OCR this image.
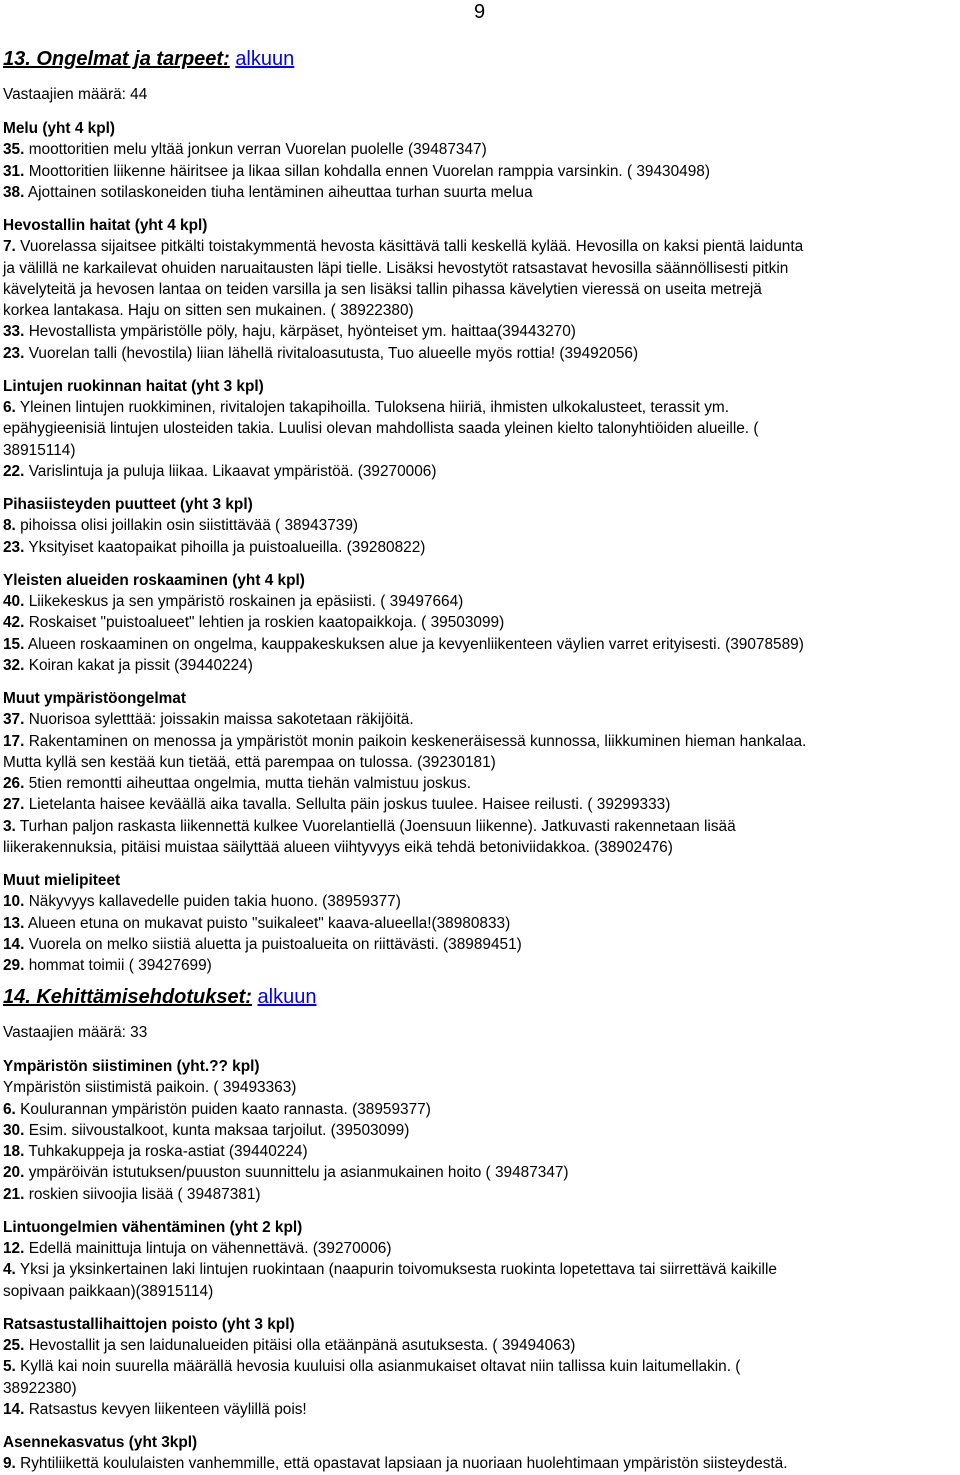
9
13. Ongelmat ja tarpeet: alkuun
Vastaajien määrä: 44
Melu (yht 4 kpl)
35. moottoritien melu yltää jonkun verran Vuorelan puolelle (39487347)
31. Moottoritien liikenne häiritsee ja likaa sillan kohdalla ennen Vuorelan ramppia varsinkin. ( 39430498)
38. Ajottainen sotilaskoneiden tiuha lentäminen aiheuttaa turhan suurta melua
Hevostallin haitat (yht 4 kpl)
7. Vuorelassa sijaitsee pitkälti toistakymmentä hevosta käsittävä talli keskellä kylää. Hevosilla on kaksi pientä laidunta
ja välillä ne karkailevat ohuiden naruaitausten läpi tielle. Lisäksi hevostytöt ratsastavat hevosilla säännöllisesti pitkin
kävelyteitä ja hevosen lantaa on teiden varsilla ja sen lisäksi tallin pihassa kävelytien vieressä on useita metrejä
korkea lantakasa. Haju on sitten sen mukainen. ( 38922380)
33. Hevostallista ympäristölle pöly, haju, kärpäset, hyönteiset ym. haittaa(39443270)
23. Vuorelan talli (hevostila) liian lähellä rivitaloasutusta, Tuo alueelle myös rottia! (39492056)
Lintujen ruokinnan haitat (yht 3 kpl)
6. Yleinen lintujen ruokkiminen, rivitalojen takapihoilla. Tuloksena hiiriä, ihmisten ulkokalusteet, terassit ym.
epähygieenisiä lintujen ulosteiden takia. Luulisi olevan mahdollista saada yleinen kielto talonyhtiöiden alueille. (
38915114)
22. Varislintuja ja puluja liikaa. Likaavat ympäristöä. (39270006)
Pihasiisteyden puutteet (yht 3 kpl)
8. pihoissa olisi joillakin osin siistittävää ( 38943739)
23. Yksityiset kaatopaikat pihoilla ja puistoalueilla. (39280822)
Yleisten alueiden roskaaminen (yht 4 kpl)
40. Liikekeskus ja sen ympäristö roskainen ja epäsiisti. ( 39497664)
42. Roskaiset "puistoalueet" lehtien ja roskien kaatopaikkoja. ( 39503099)
15. Alueen roskaaminen on ongelma, kauppakeskuksen alue ja kevyenliikenteen väylien varret erityisesti. (39078589)
32. Koiran kakat ja pissit (39440224)
Muut ympäristöongelmat
37. Nuorisoa syletttää: joissakin maissa sakotetaan räkijöitä.
17. Rakentaminen on menossa ja ympäristöt monin paikoin keskeneräisessä kunnossa, liikkuminen hieman hankalaa.
Mutta kyllä sen kestää kun tietää, että parempaa on tulossa. (39230181)
26. 5tien remontti aiheuttaa ongelmia, mutta tiehän valmistuu joskus.
27. Lietelanta haisee keväällä aika tavalla. Sellulta päin joskus tuulee. Haisee reilusti. ( 39299333)
3. Turhan paljon raskasta liikennettä kulkee Vuorelantiellä (Joensuun liikenne). Jatkuvasti rakennetaan lisää
liikerakennuksia, pitäisi muistaa säilyttää alueen viihtyvyys eikä tehdä betoniviidakkoa. (38902476)
Muut mielipiteet
10. Näkyvyys kallavedelle puiden takia huono. (38959377)
13. Alueen etuna on mukavat puisto "suikaleet" kaava-alueella!(38980833)
14. Vuorela on melko siistiä aluetta ja puistoalueita on riittävästi. (38989451)
29. hommat toimii ( 39427699)
14. Kehittämisehdotukset: alkuun
Vastaajien määrä: 33
Ympäristön siistiminen (yht.?? kpl)
Ympäristön siistimistä paikoin. ( 39493363)
6. Koulurannan ympäristön puiden kaato rannasta. (38959377)
30. Esim. siivoustalkoot, kunta maksaa tarjoilut. (39503099)
18. Tuhkakuppeja ja roska-astiat (39440224)
20. ympäröivän istutuksen/puuston suunnittelu ja asianmukainen hoito ( 39487347)
21. roskien siivoojia lisää ( 39487381)
Lintuongelmien vähentäminen (yht 2 kpl)
12. Edellä mainittuja lintuja on vähennettävä. (39270006)
4. Yksi ja yksinkertainen laki lintujen ruokintaan (naapurin toivomuksesta ruokinta lopetettava tai siirrettävä kaikille
sopivaan paikkaan)(38915114)
Ratsastustallihaittojen poisto (yht 3 kpl)
25. Hevostallit ja sen laidunalueiden pitäisi olla etäänpänä asutuksesta. ( 39494063)
5. Kyllä kai noin suurella määrällä hevosia kuuluisi olla asianmukaiset oltavat niin tallissa kuin laitumellakin. (
38922380)
14. Ratsastus kevyen liikenteen väylillä pois!
Asennekasvatus (yht 3kpl)
9. Ryhtiliikettä koululaisten vanhemmille, että opastavat lapsiaan ja nuoriaan huolehtimaan ympäristön siisteydestä.
